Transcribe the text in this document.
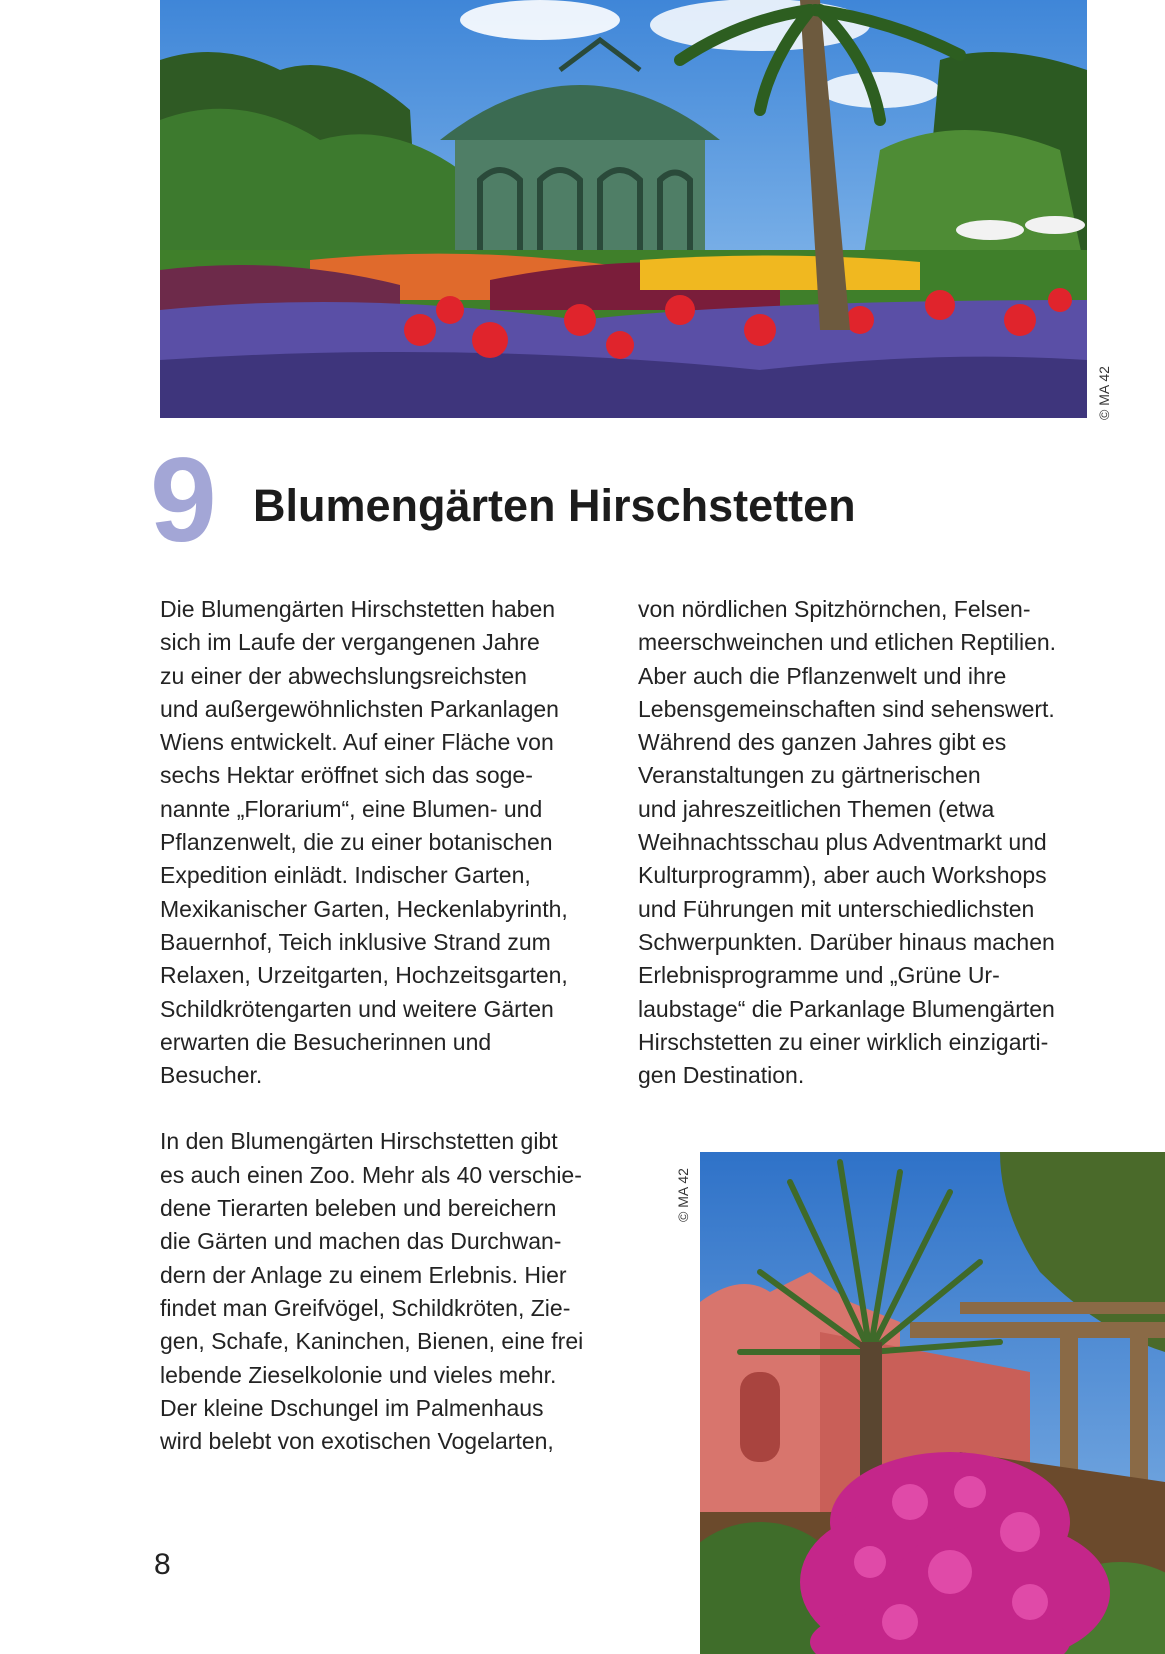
© MA 42
9 Blumengärten Hirschstetten
Die Blumengärten Hirschstetten haben
sich im Laufe der vergangenen Jahre
zu einer der abwechslungsreichsten
und außergewöhnlichsten Parkanlagen
Wiens entwickelt. Auf einer Fläche von
sechs Hektar eröffnet sich das soge-
nannte „Florarium“, eine Blumen- und
Pflanzenwelt, die zu einer botanischen
Expedition einlädt. Indischer Garten,
Mexikanischer Garten, Heckenlabyrinth,
Bauernhof, Teich inklusive Strand zum
Relaxen, Urzeitgarten, Hochzeitsgarten,
Schildkrötengarten und weitere Gärten
erwarten die Besucherinnen und
Besucher.
In den Blumengärten Hirschstetten gibt
es auch einen Zoo. Mehr als 40 verschie-
dene Tierarten beleben und bereichern
die Gärten und machen das Durchwan-
dern der Anlage zu einem Erlebnis. Hier
findet man Greifvögel, Schildkröten, Zie-
gen, Schafe, Kaninchen, Bienen, eine frei
lebende Zieselkolonie und vieles mehr.
Der kleine Dschungel im Palmenhaus
wird belebt von exotischen Vogelarten,
von nördlichen Spitzhörnchen, Felsen-
meerschweinchen und etlichen Reptilien.
Aber auch die Pflanzenwelt und ihre
Lebensgemeinschaften sind sehenswert.
Während des ganzen Jahres gibt es
Veranstaltungen zu gärtnerischen
und jahreszeitlichen Themen (etwa
Weihnachtsschau plus Adventmarkt und
Kulturprogramm), aber auch Workshops
und Führungen mit unterschiedlichsten
Schwerpunkten. Darüber hinaus machen
Erlebnisprogramme und „Grüne Ur-
laubstage“ die Parkanlage Blumengärten
Hirschstetten zu einer wirklich einzigarti-
gen Destination.
© MA 42
8
